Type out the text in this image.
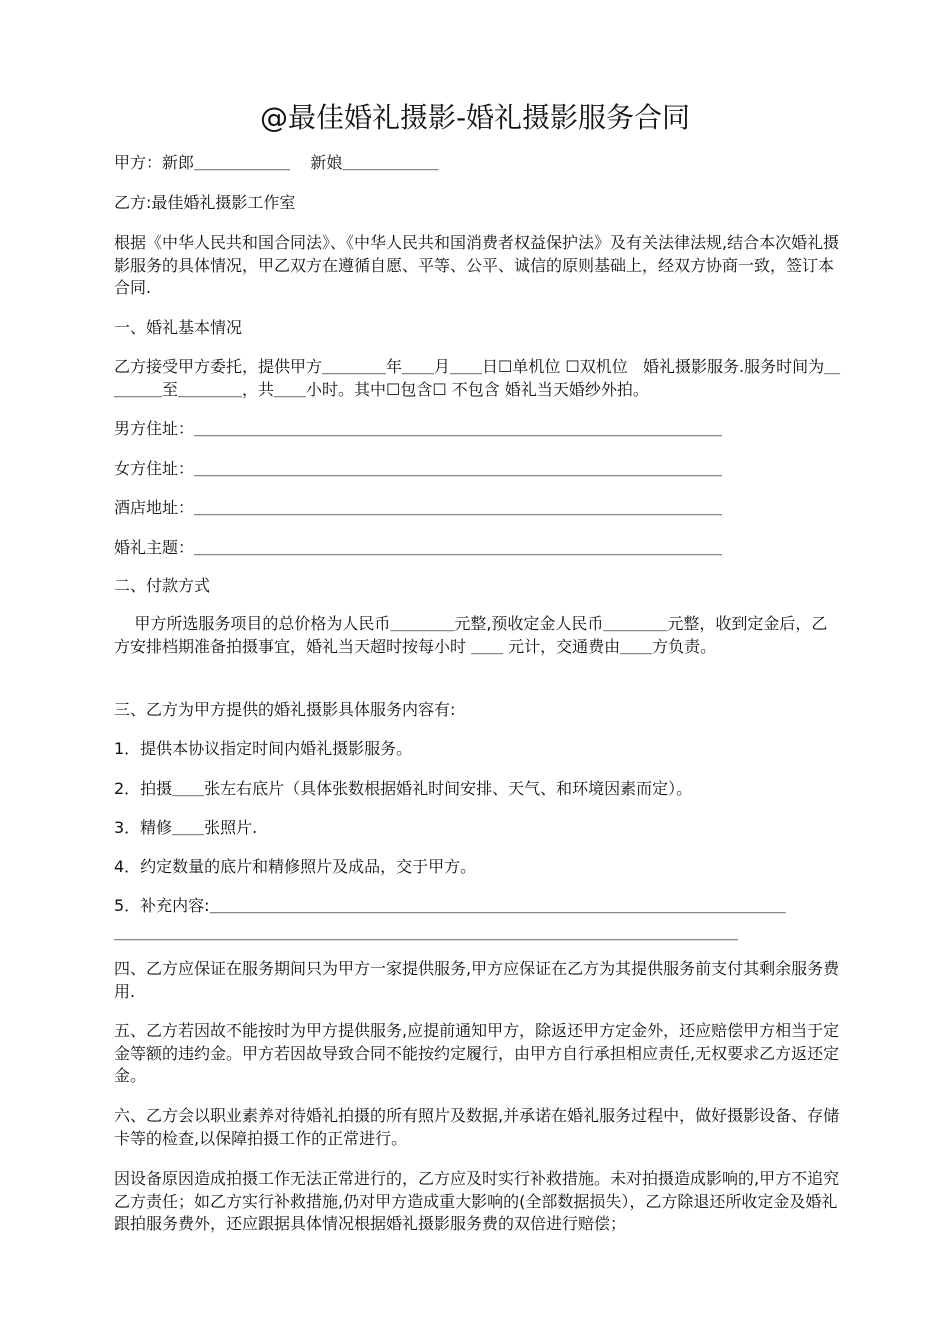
@最佳婚礼摄影-婚礼摄影服务合同
甲方：新郎＿＿＿＿＿＿    新娘＿＿＿＿＿＿
乙方:最佳婚礼摄影工作室
根据《中华人民共和国合同法》、《中华人民共和国消费者权益保护法》及有关法律法规,结合本次婚礼摄影服务的具体情况，甲乙双方在遵循自愿、平等、公平、诚信的原则基础上，经双方协商一致，签订本合同.
一、婚礼基本情况
乙方接受甲方委托，提供甲方＿＿＿＿年＿＿月＿＿日☐单机位 ☐双机位   婚礼摄影服务.服务时间为＿＿＿＿至＿＿＿＿，共＿＿小时。其中☐包含☐ 不包含 婚礼当天婚纱外拍。
男方住址：＿＿＿＿＿＿＿＿＿＿＿＿＿＿＿＿＿＿＿＿＿＿＿＿＿＿＿＿＿＿＿＿＿
女方住址：＿＿＿＿＿＿＿＿＿＿＿＿＿＿＿＿＿＿＿＿＿＿＿＿＿＿＿＿＿＿＿＿＿
酒店地址：＿＿＿＿＿＿＿＿＿＿＿＿＿＿＿＿＿＿＿＿＿＿＿＿＿＿＿＿＿＿＿＿＿
婚礼主题：＿＿＿＿＿＿＿＿＿＿＿＿＿＿＿＿＿＿＿＿＿＿＿＿＿＿＿＿＿＿＿＿＿
二、付款方式
甲方所选服务项目的总价格为人民币＿＿＿＿元整,预收定金人民币＿＿＿＿元整，收到定金后，乙方安排档期准备拍摄事宜，婚礼当天超时按每小时 ＿＿ 元计，交通费由＿＿方负责。
三、乙方为甲方提供的婚礼摄影具体服务内容有:
1．提供本协议指定时间内婚礼摄影服务。
2．拍摄＿＿张左右底片（具体张数根据婚礼时间安排、天气、和环境因素而定）。
3．精修＿＿张照片.
4．约定数量的底片和精修照片及成品，交于甲方。
5．补充内容:＿＿＿＿＿＿＿＿＿＿＿＿＿＿＿＿＿＿＿＿＿＿＿＿＿＿＿＿＿＿＿＿＿＿＿＿
＿＿＿＿＿＿＿＿＿＿＿＿＿＿＿＿＿＿＿＿＿＿＿＿＿＿＿＿＿＿＿＿＿＿＿＿＿＿＿
四、乙方应保证在服务期间只为甲方一家提供服务,甲方应保证在乙方为其提供服务前支付其剩余服务费用.
五、乙方若因故不能按时为甲方提供服务,应提前通知甲方，除返还甲方定金外，还应赔偿甲方相当于定金等额的违约金。甲方若因故导致合同不能按约定履行，由甲方自行承担相应责任,无权要求乙方返还定金。
六、乙方会以职业素养对待婚礼拍摄的所有照片及数据,并承诺在婚礼服务过程中，做好摄影设备、存储卡等的检查,以保障拍摄工作的正常进行。
因设备原因造成拍摄工作无法正常进行的，乙方应及时实行补救措施。未对拍摄造成影响的,甲方不追究乙方责任；如乙方实行补救措施,仍对甲方造成重大影响的(全部数据损失），乙方除退还所收定金及婚礼跟拍服务费外，还应跟据具体情况根据婚礼摄影服务费的双倍进行赔偿；
